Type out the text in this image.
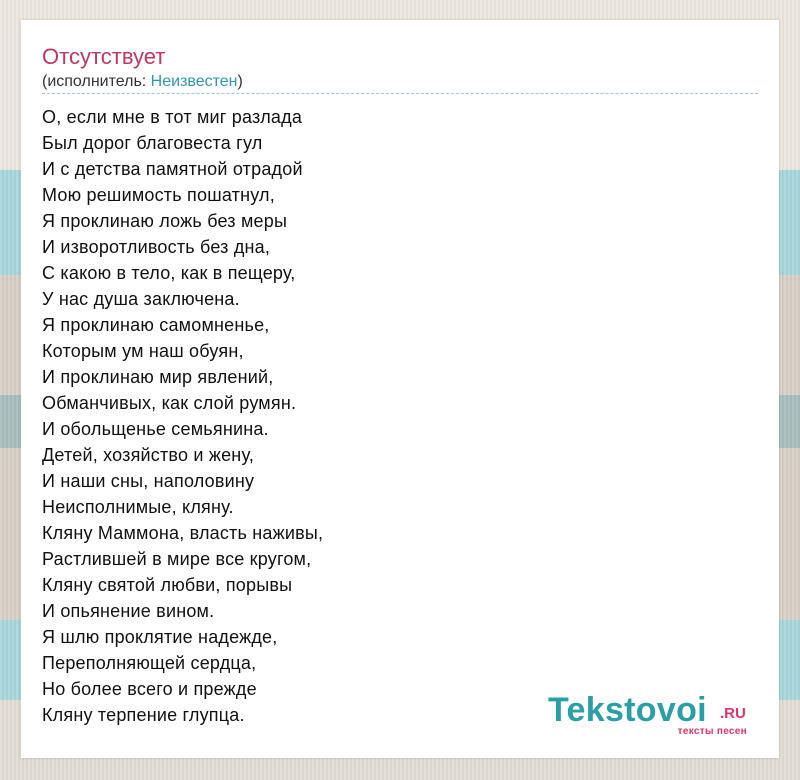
Отсутствует
(исполнитель: Неизвестен)
О, если мне в тот миг разлада
Был дорог благовеста гул
И с детства памятной отрадой
Мою решимость пошатнул,
Я проклинаю ложь без меры
И изворотливость без дна,
С какою в тело, как в пещеру,
У нас душа заключена.
Я проклинаю самомненье,
Которым ум наш обуян,
И проклинаю мир явлений,
Обманчивых, как слой румян.
И обольщенье семьянина.
Детей, хозяйство и жену,
И наши сны, наполовину
Неисполнимые, кляну.
Кляну Маммона, власть наживы,
Растлившей в мире все кругом,
Кляну святой любви, порывы
И опьянение вином.
Я шлю проклятие надежде,
Переполняющей сердца,
Но более всего и прежде
Кляну терпение глупца.	Tekstovoi .RU
тексты песен
